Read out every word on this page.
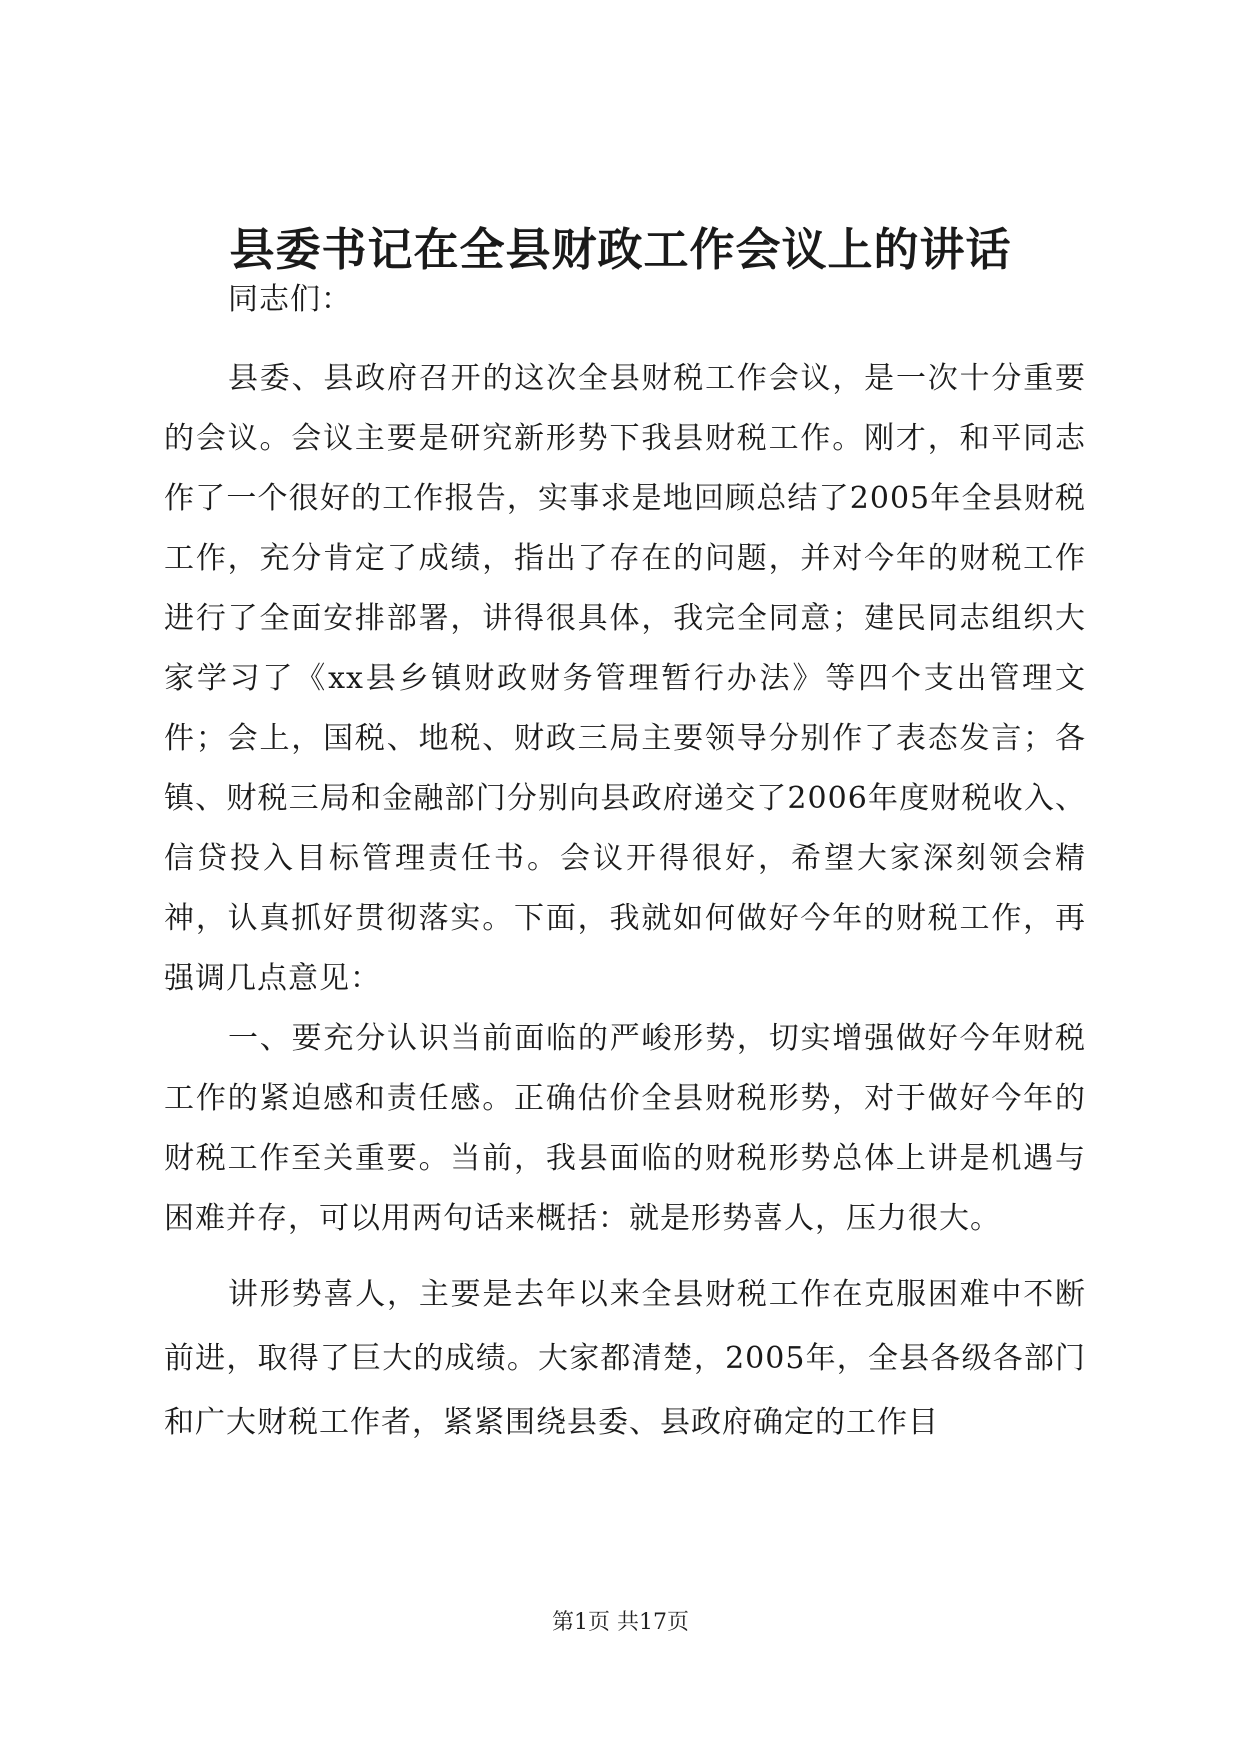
县委书记在全县财政工作会议上的讲话

同志们：

县委、县政府召开的这次全县财税工作会议，是一次十分重要的会议。会议主要是研究新形势下我县财税工作。刚才，和平同志作了一个很好的工作报告，实事求是地回顾总结了2005年全县财税工作，充分肯定了成绩，指出了存在的问题，并对今年的财税工作进行了全面安排部署，讲得很具体，我完全同意；建民同志组织大家学习了《xx县乡镇财政财务管理暂行办法》等四个支出管理文件；会上，国税、地税、财政三局主要领导分别作了表态发言；各镇、财税三局和金融部门分别向县政府递交了2006年度财税收入、信贷投入目标管理责任书。会议开得很好，希望大家深刻领会精神，认真抓好贯彻落实。下面，我就如何做好今年的财税工作，再强调几点意见：

一、要充分认识当前面临的严峻形势，切实增强做好今年财税工作的紧迫感和责任感。正确估价全县财税形势，对于做好今年的财税工作至关重要。当前，我县面临的财税形势总体上讲是机遇与困难并存，可以用两句话来概括：就是形势喜人，压力很大。

讲形势喜人，主要是去年以来全县财税工作在克服困难中不断前进，取得了巨大的成绩。大家都清楚，2005年，全县各级各部门和广大财税工作者，紧紧围绕县委、县政府确定的工作目

第1页 共17页
